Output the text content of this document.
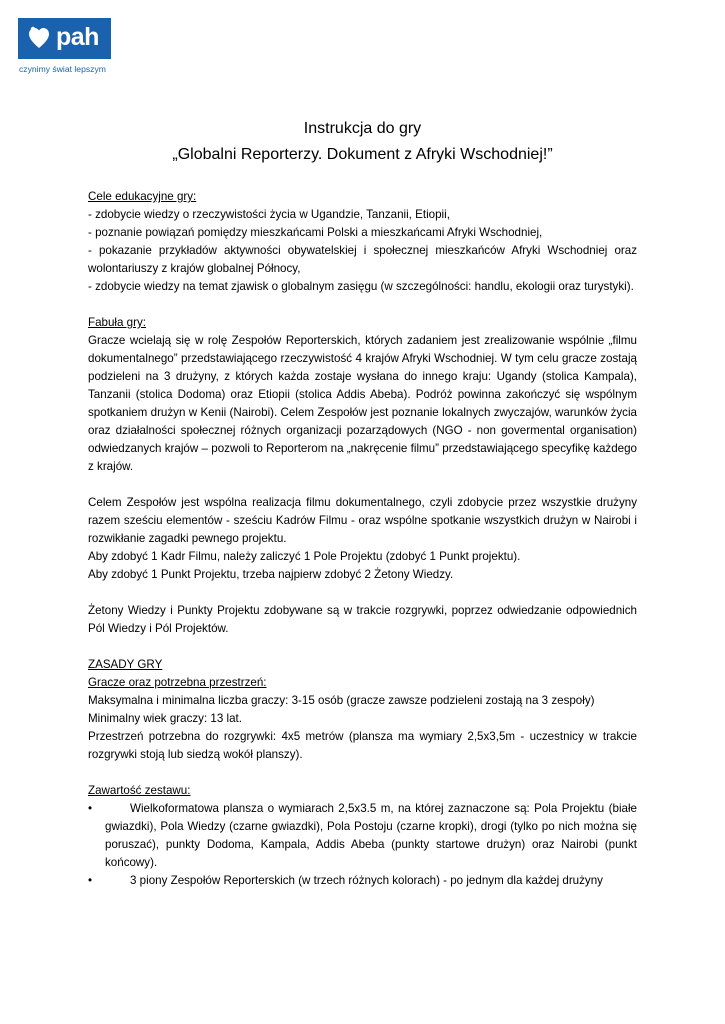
pah
czynimy świat lepszym
Instrukcja do gry
„Globalni Reporterzy. Dokument z Afryki Wschodniej!”

Cele edukacyjne gry:

- zdobycie wiedzy o rzeczywistości życia w Ugandzie, Tanzanii, Etiopii,

- poznanie powiązań pomiędzy mieszkańcami Polski a mieszkańcami Afryki Wschodniej,

- pokazanie przykładów aktywności obywatelskiej i społecznej mieszkańców Afryki Wschodniej oraz wolontariuszy z krajów globalnej Północy,

- zdobycie wiedzy na temat zjawisk o globalnym zasięgu (w szczególności: handlu, ekologii oraz turystyki).

Fabuła gry:

Gracze wcielają się w rolę Zespołów Reporterskich, których zadaniem jest zrealizowanie wspólnie „filmu dokumentalnego” przedstawiającego rzeczywistość 4 krajów Afryki Wschodniej. W tym celu gracze zostają podzieleni na 3 drużyny, z których każda zostaje wysłana do innego kraju: Ugandy (stolica Kampala), Tanzanii (stolica Dodoma) oraz Etiopii (stolica Addis Abeba). Podróż powinna zakończyć się wspólnym spotkaniem drużyn w Kenii (Nairobi). Celem Zespołów jest poznanie lokalnych zwyczajów, warunków życia oraz działalności społecznej różnych organizacji pozarządowych (NGO - non govermental organisation) odwiedzanych krajów – pozwoli to Reporterom na „nakręcenie filmu” przedstawiającego specyfikę każdego z krajów.

Celem Zespołów jest wspólna realizacja filmu dokumentalnego, czyli zdobycie przez wszystkie drużyny razem sześciu elementów - sześciu Kadrów Filmu - oraz wspólne spotkanie wszystkich drużyn w Nairobi i rozwikłanie zagadki pewnego projektu.

Aby zdobyć 1 Kadr Filmu, należy zaliczyć 1 Pole Projektu (zdobyć 1 Punkt projektu).

Aby zdobyć 1 Punkt Projektu, trzeba najpierw zdobyć 2 Żetony Wiedzy.

Żetony Wiedzy i Punkty Projektu zdobywane są w trakcie rozgrywki, poprzez odwiedzanie odpowiednich Pól Wiedzy i Pól Projektów.

ZASADY GRY

Gracze oraz potrzebna przestrzeń:

Maksymalna i minimalna liczba graczy: 3-15 osób (gracze zawsze podzieleni zostają na 3 zespoły)

Minimalny wiek graczy: 13 lat.

Przestrzeń potrzebna do rozgrywki: 4x5 metrów (plansza ma wymiary 2,5x3,5m - uczestnicy w trakcie rozgrywki stoją lub siedzą wokół planszy).

Zawartość zestawu:

•	Wielkoformatowa plansza o wymiarach 2,5x3.5 m, na której zaznaczone są: Pola Projektu (białe gwiazdki), Pola Wiedzy (czarne gwiazdki), Pola Postoju (czarne kropki), drogi (tylko po nich można się poruszać), punkty Dodoma, Kampala, Addis Abeba (punkty startowe drużyn) oraz Nairobi (punkt końcowy).

•	3 piony Zespołów Reporterskich (w trzech różnych kolorach) - po jednym dla każdej drużyny
